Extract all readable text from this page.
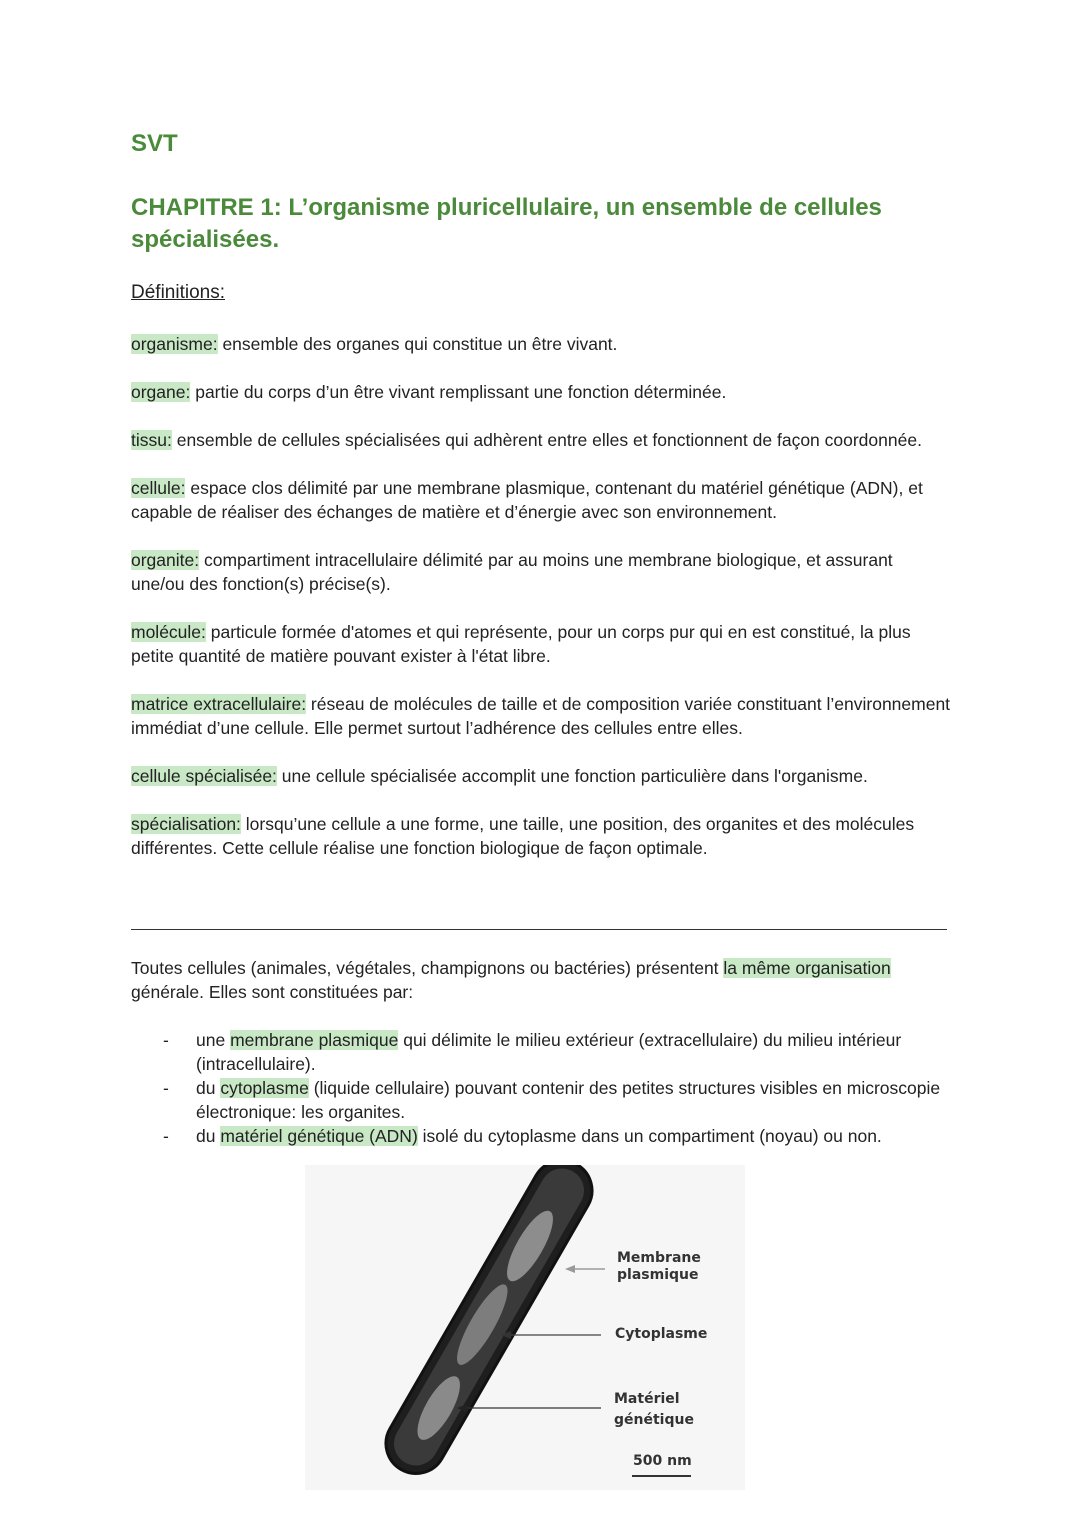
SVT
CHAPITRE 1: L’organisme pluricellulaire, un ensemble de cellules spécialisées.
Définitions:

organisme: ensemble des organes qui constitue un être vivant.

organe: partie du corps d’un être vivant remplissant une fonction déterminée.

tissu: ensemble de cellules spécialisées qui adhèrent entre elles et fonctionnent de façon coordonnée.

cellule: espace clos délimité par une membrane plasmique, contenant du matériel génétique (ADN), et capable de réaliser des échanges de matière et d’énergie avec son environnement.

organite: compartiment intracellulaire délimité par au moins une membrane biologique, et assurant une/ou des fonction(s) précise(s).

molécule: particule formée d'atomes et qui représente, pour un corps pur qui en est constitué, la plus petite quantité de matière pouvant exister à l'état libre.

matrice extracellulaire: réseau de molécules de taille et de composition variée constituant l’environnement immédiat d’une cellule. Elle permet surtout l’adhérence des cellules entre elles.

cellule spécialisée: une cellule spécialisée accomplit une fonction particulière dans l'organisme.

spécialisation: lorsqu’une cellule a une forme, une taille, une position, des organites et des molécules différentes. Cette cellule réalise une fonction biologique de façon optimale.

Toutes cellules (animales, végétales, champignons ou bactéries) présentent la même organisation générale. Elles sont constituées par:

- une membrane plasmique qui délimite le milieu extérieur (extracellulaire) du milieu intérieur (intracellulaire).
- du cytoplasme (liquide cellulaire) pouvant contenir des petites structures visibles en microscopie électronique: les organites.
- du matériel génétique (ADN) isolé du cytoplasme dans un compartiment (noyau) ou non.
Membrane
plasmique
Cytoplasme
Matériel
génétique
500 nm
